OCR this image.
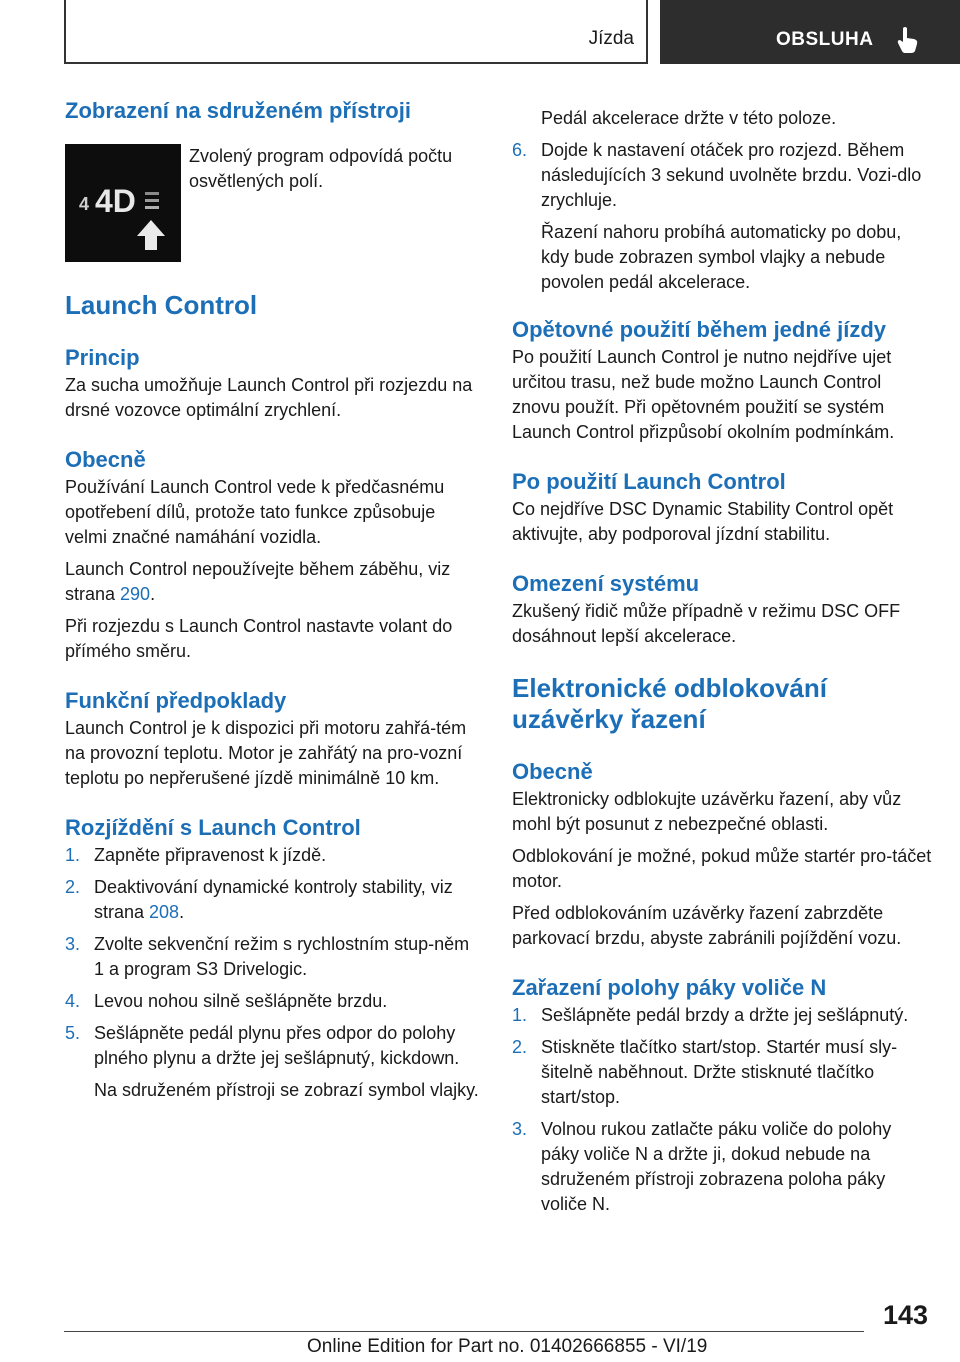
Jízda	OBSLUHA
Zobrazení na sdruženém přístroji
4 4D

Zvolený program odpovídá počtu osvětlených polí.

Launch Control
Princip

Za sucha umožňuje Launch Control při rozjezdu na drsné vozovce optimální zrychlení.

Obecně

Používání Launch Control vede k předčasnému opotřebení dílů, protože tato funkce způsobuje velmi značné namáhání vozidla.

Launch Control nepoužívejte během záběhu, viz strana 290.

Při rozjezdu s Launch Control nastavte volant do přímého směru.

Funkční předpoklady

Launch Control je k dispozici při motoru zahřá-tém na provozní teplotu. Motor je zahřátý na pro-vozní teplotu po nepřerušené jízdě minimálně 10 km.

Rozjíždění s Launch Control
1. Zapněte připravenost k jízdě.
2. Deaktivování dynamické kontroly stability, viz strana 208.
3. Zvolte sekvenční režim s rychlostním stup-něm 1 a program S3 Drivelogic.
4. Levou nohou silně sešlápněte brzdu.
5. Sešlápněte pedál plynu přes odpor do polohy plného plynu a držte jej sešlápnutý, kickdown.
Na sdruženém přístroji se zobrazí symbol vlajky.

Pedál akcelerace držte v této poloze.

6. Dojde k nastavení otáček pro rozjezd. Během následujících 3 sekund uvolněte brzdu. Vozi-dlo zrychluje.
Řazení nahoru probíhá automaticky po dobu, kdy bude zobrazen symbol vlajky a nebude povolen pedál akcelerace.
Opětovné použití během jedné jízdy

Po použití Launch Control je nutno nejdříve ujet určitou trasu, než bude možno Launch Control znovu použít. Při opětovném použití se systém Launch Control přizpůsobí okolním podmínkám.

Po použití Launch Control

Co nejdříve DSC Dynamic Stability Control opět aktivujte, aby podporoval jízdní stabilitu.

Omezení systému

Zkušený řidič může případně v režimu DSC OFF dosáhnout lepší akcelerace.

Elektronické odblokování uzávěrky řazení
Obecně

Elektronicky odblokujte uzávěrku řazení, aby vůz mohl být posunut z nebezpečné oblasti.

Odblokování je možné, pokud může startér pro-táčet motor.

Před odblokováním uzávěrky řazení zabrzděte parkovací brzdu, abyste zabránili pojíždění vozu.

Zařazení polohy páky voliče N
1. Sešlápněte pedál brzdy a držte jej sešlápnutý.
2. Stiskněte tlačítko start/stop. Startér musí sly-šitelně naběhnout. Držte stisknuté tlačítko start/stop.
3. Volnou rukou zatlačte páku voliče do polohy páky voliče N a držte ji, dokud nebude na sdruženém přístroji zobrazena poloha páky voliče N.
143
Online Edition for Part no. 01402666855 - VI/19
